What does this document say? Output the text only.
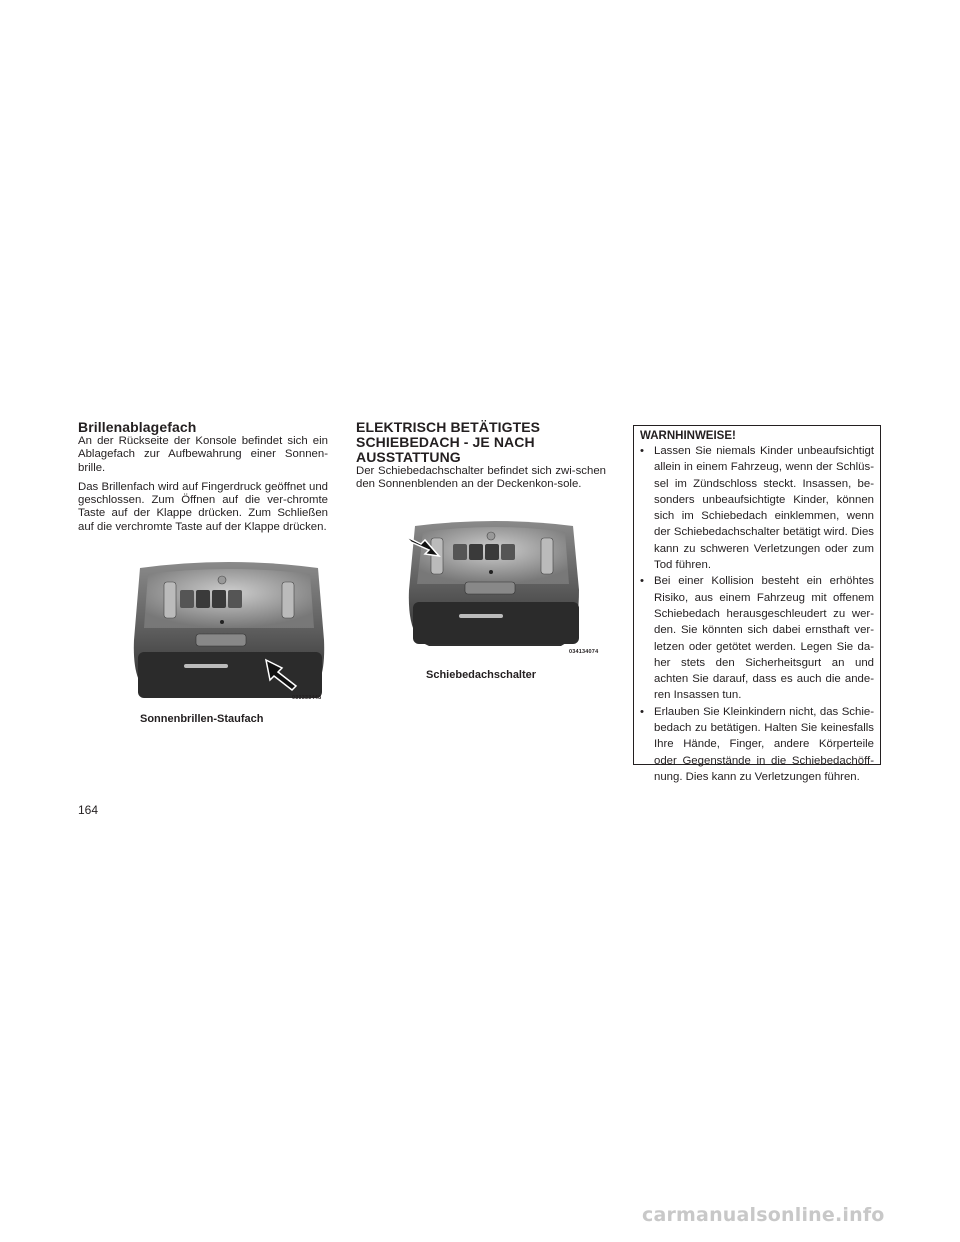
Brillenablagefach

An der Rückseite der Konsole befindet sich ein Ablagefach zur Aufbewahrung einer Sonnen-brille.

Das Brillenfach wird auf Fingerdruck geöffnet und geschlossen. Zum Öffnen auf die ver-chromte Taste auf der Klappe drücken. Zum Schließen auf die verchromte Taste auf der Klappe drücken.

033333448
Sonnenbrillen-Staufach
ELEKTRISCH BETÄTIGTES
SCHIEBEDACH - JE NACH
AUSSTATTUNG

Der Schiebedachschalter befindet sich zwi-schen den Sonnenblenden an der Deckenkon-sole.

034134074
Schiebedachschalter
WARNHINWEISE!
• Lassen Sie niemals Kinder unbeaufsichtigt allein in einem Fahrzeug, wenn der Schlüs-sel im Zündschloss steckt. Insassen, be-sonders unbeaufsichtigte Kinder, können sich im Schiebedach einklemmen, wenn der Schiebedachschalter betätigt wird. Dies kann zu schweren Verletzungen oder zum Tod führen.
• Bei einer Kollision besteht ein erhöhtes Risiko, aus einem Fahrzeug mit offenem Schiebedach herausgeschleudert zu wer-den. Sie könnten sich dabei ernsthaft ver-letzen oder getötet werden. Legen Sie da-her stets den Sicherheitsgurt an und achten Sie darauf, dass es auch die ande-ren Insassen tun.
• Erlauben Sie Kleinkindern nicht, das Schie-bedach zu betätigen. Halten Sie keinesfalls Ihre Hände, Finger, andere Körperteile oder Gegenstände in die Schiebedachöff-nung. Dies kann zu Verletzungen führen.
164
carmanualsonline.info
